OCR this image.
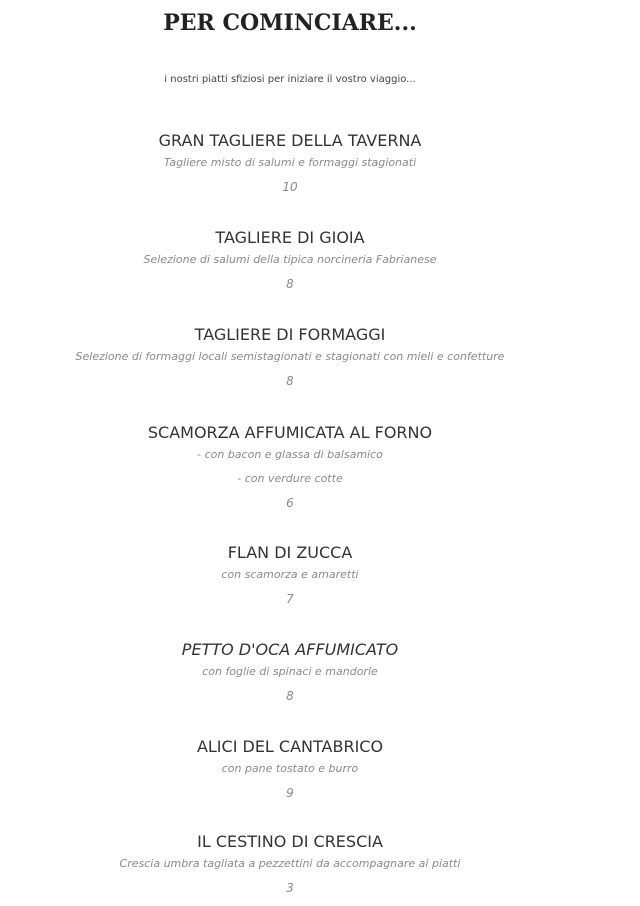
PER COMINCIARE...
i nostri piatti sfiziosi per iniziare il vostro viaggio...
GRAN TAGLIERE DELLA TAVERNA
Tagliere misto di salumi e formaggi stagionati
10
TAGLIERE DI GIOIA
Selezione di salumi della tipica norcineria Fabrianese
8
TAGLIERE DI FORMAGGI
Selezione di formaggi locali semistagionati e stagionati con mieli e confetture
8
SCAMORZA AFFUMICATA AL FORNO
- con bacon e glassa di balsamico
- con verdure cotte
6
FLAN DI ZUCCA
con scamorza e amaretti
7
PETTO D'OCA AFFUMICATO
con foglie di spinaci e mandorle
8
ALICI DEL CANTABRICO
con pane tostato e burro
9
IL CESTINO DI CRESCIA
Crescia umbra tagliata a pezzettini da accompagnare ai piatti
3
